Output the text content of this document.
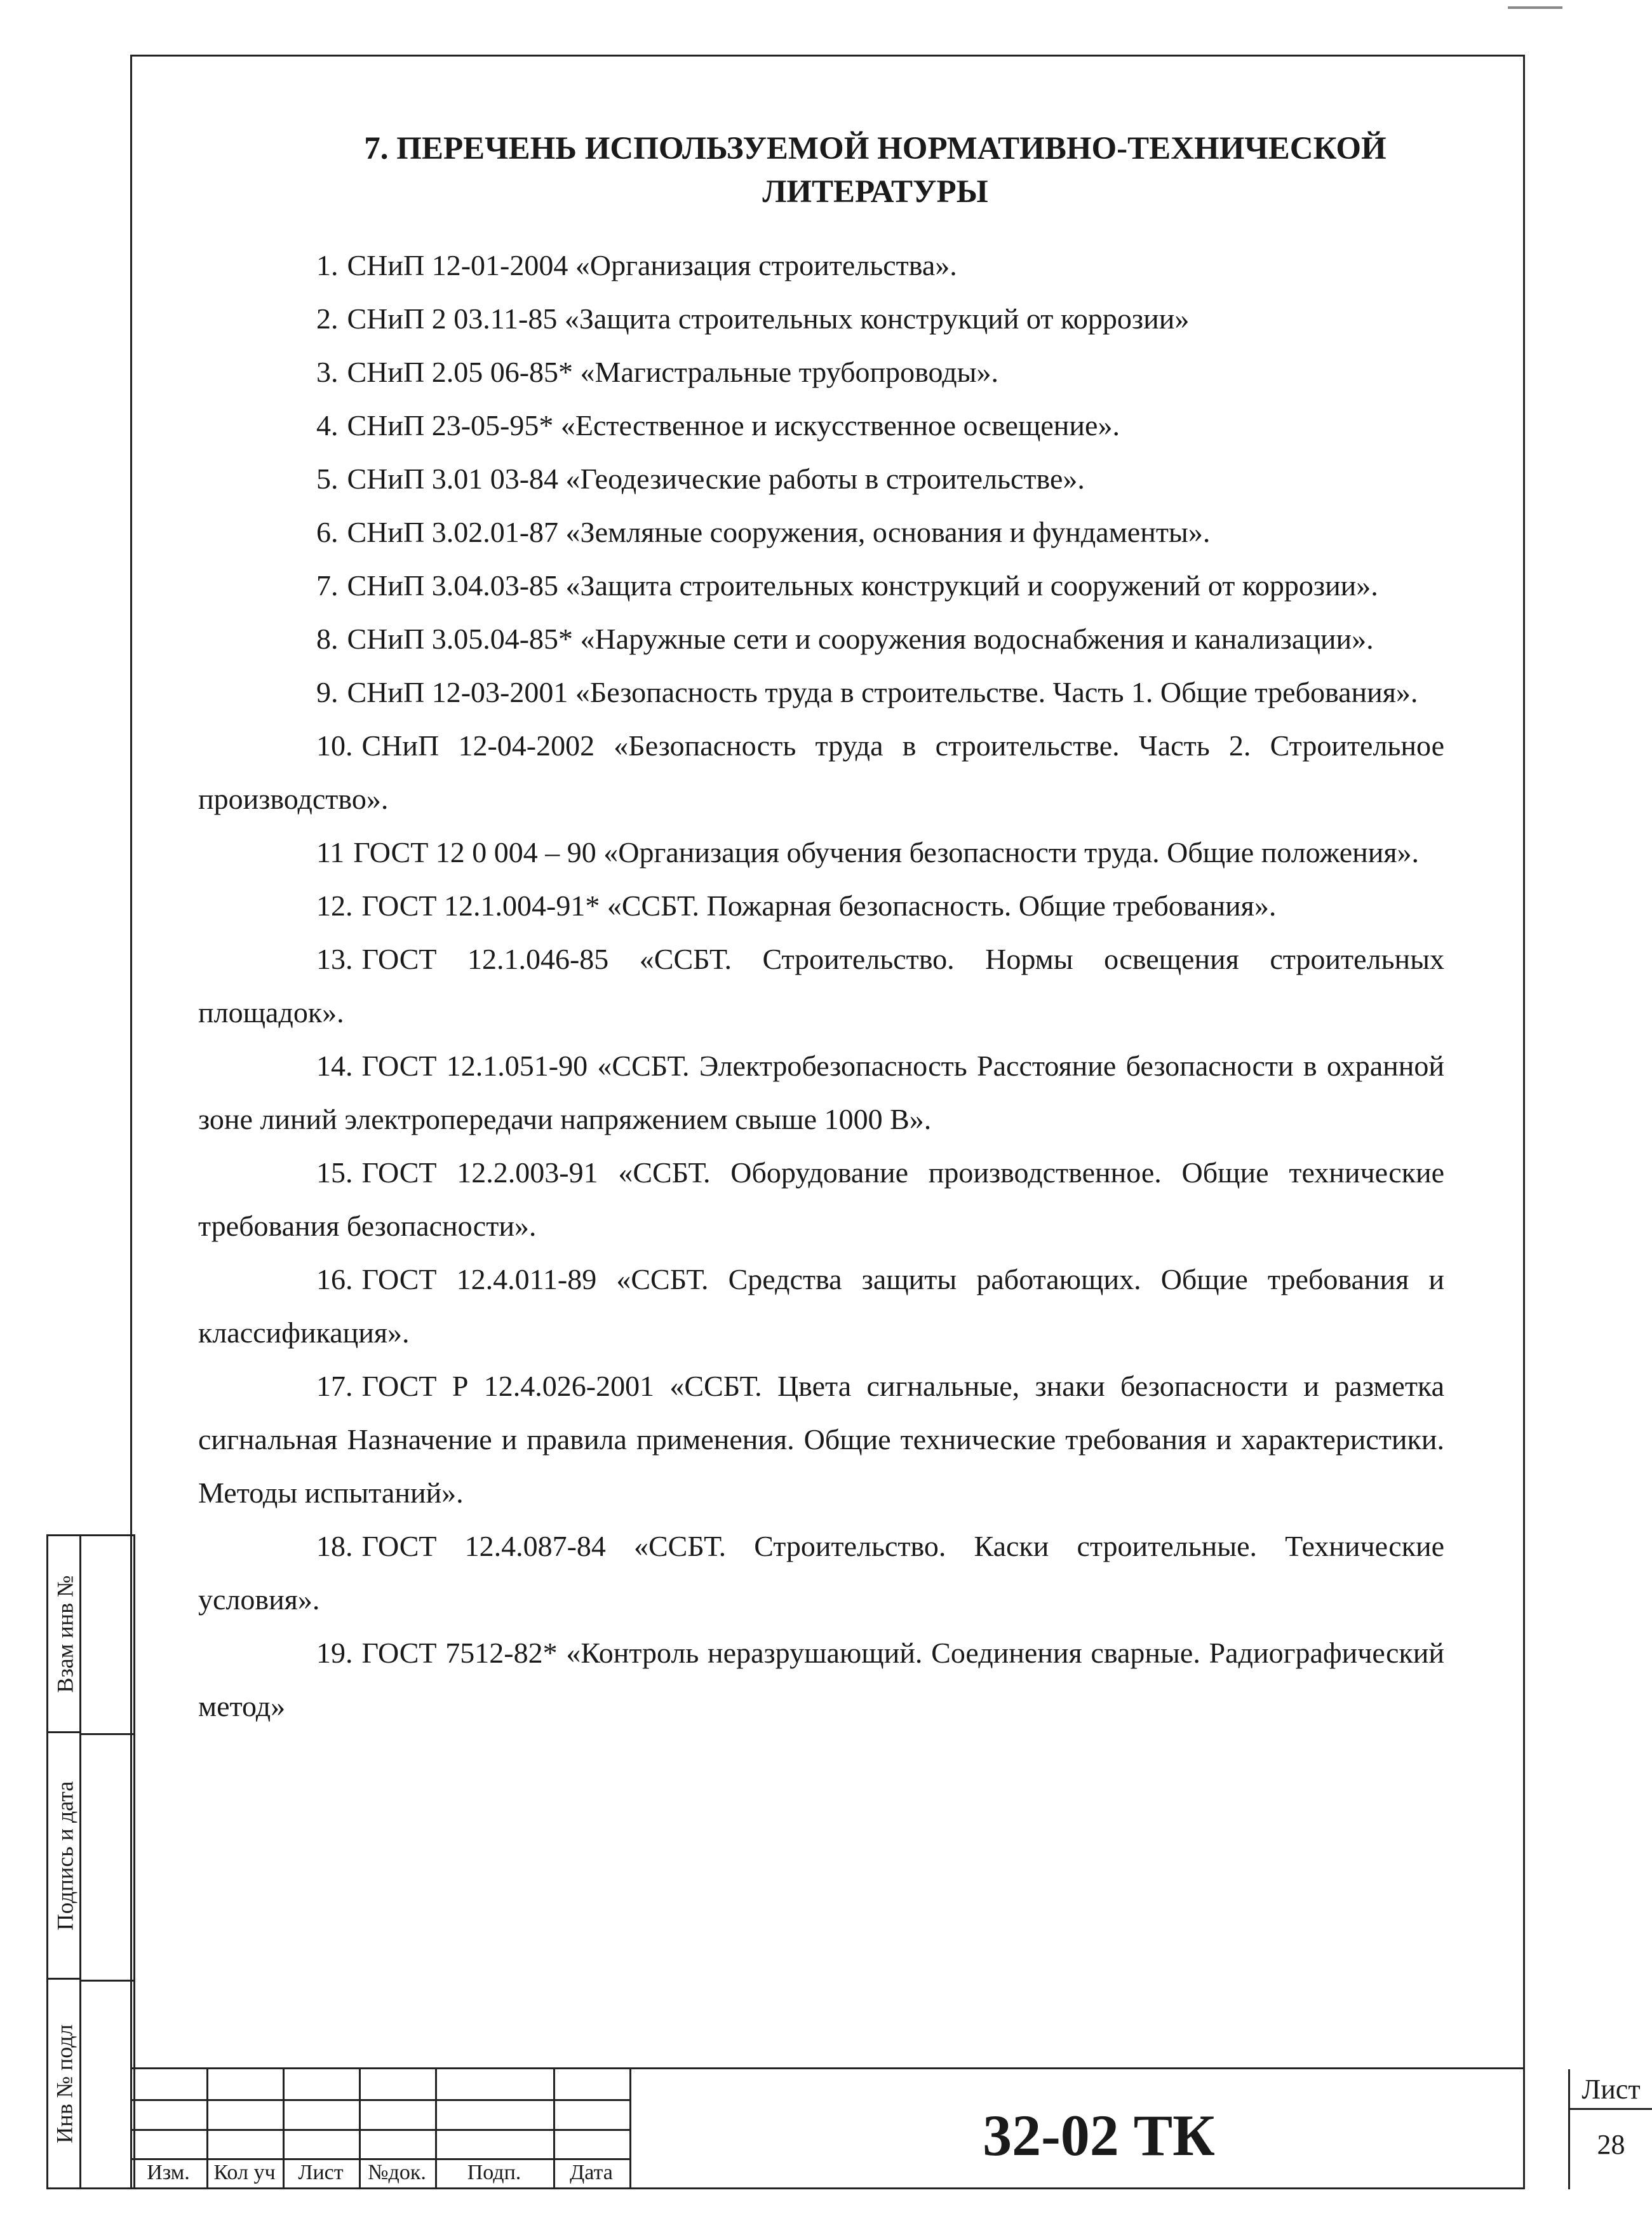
7. ПЕРЕЧЕНЬ ИСПОЛЬЗУЕМОЙ НОРМАТИВНО-ТЕХНИЧЕСКОЙ
ЛИТЕРАТУРЫ

1. СНиП 12-01-2004 «Организация строительства».

2. СНиП 2 03.11-85 «Защита строительных конструкций от коррозии»

3. СНиП 2.05 06-85* «Магистральные трубопроводы».

4. СНиП 23-05-95* «Естественное и искусственное освещение».

5. СНиП 3.01 03-84 «Геодезические работы в строительстве».

6. СНиП 3.02.01-87 «Земляные сооружения, основания и фундаменты».

7. СНиП 3.04.03-85 «Защита строительных конструкций и сооружений от коррозии».

8. СНиП 3.05.04-85* «Наружные сети и сооружения водоснабжения и канализации».

9. СНиП 12-03-2001 «Безопасность труда в строительстве. Часть 1. Общие требования».

10. СНиП 12-04-2002 «Безопасность труда в строительстве. Часть 2. Строительное производство».

11 ГОСТ 12 0 004 – 90 «Организация обучения безопасности труда. Общие положения».

12. ГОСТ 12.1.004-91* «ССБТ. Пожарная безопасность. Общие требования».

13. ГОСТ 12.1.046-85 «ССБТ. Строительство. Нормы освещения строительных площадок».

14. ГОСТ 12.1.051-90 «ССБТ. Электробезопасность Расстояние безопасности в охранной зоне линий электропередачи напряжением свыше 1000 В».

15. ГОСТ 12.2.003-91 «ССБТ. Оборудование производственное. Общие технические требования безопасности».

16. ГОСТ 12.4.011-89 «ССБТ. Средства защиты работающих. Общие требования и классификация».

17. ГОСТ Р 12.4.026-2001 «ССБТ. Цвета сигнальные, знаки безопасности и разметка сигнальная Назначение и правила применения. Общие технические требования и характеристики. Методы испытаний».

18. ГОСТ 12.4.087-84 «ССБТ. Строительство. Каски строительные. Технические условия».

19. ГОСТ 7512-82* «Контроль неразрушающий. Соединения сварные. Радиографический метод»

Взам инв №
Подпись и дата
Инв № подл
Изм.	Кол уч	Лист	№док.	Подп.	Дата
32-02 ТК
Лист
28
